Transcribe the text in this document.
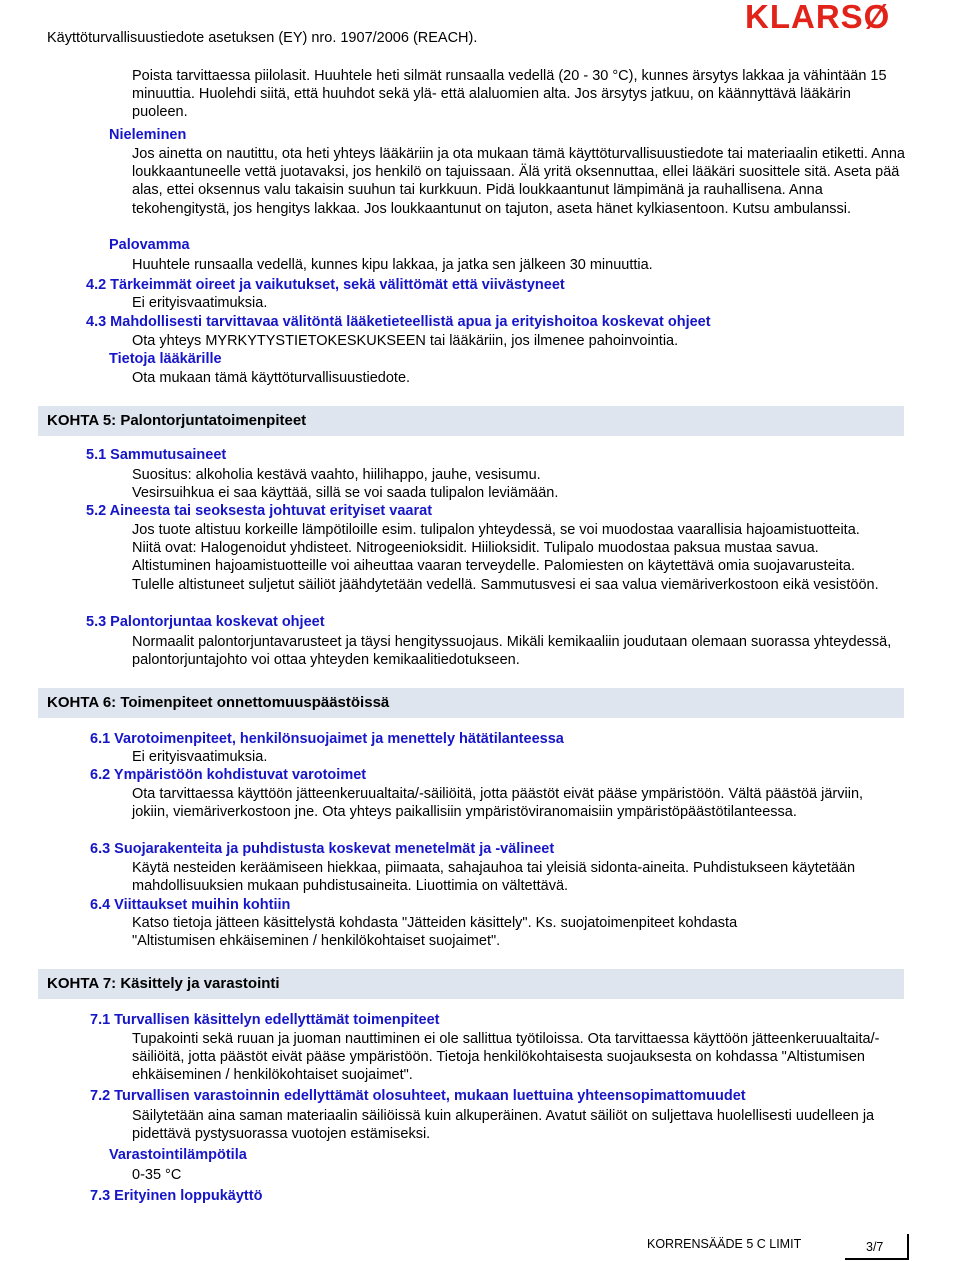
Käyttöturvallisuustiedote asetuksen (EY) nro. 1907/2006 (REACH).
KLARSØ
Poista tarvittaessa piilolasit. Huuhtele heti silmät runsaalla vedellä (20 - 30 °C), kunnes ärsytys lakkaa ja vähintään 15 minuuttia. Huolehdi siitä, että huuhdot sekä ylä- että alaluomien alta. Jos ärsytys jatkuu, on käännyttävä lääkärin puoleen.
Nieleminen
Jos ainetta on nautittu, ota heti yhteys lääkäriin ja ota mukaan tämä käyttöturvallisuustiedote tai materiaalin etiketti. Anna loukkaantuneelle vettä juotavaksi, jos henkilö on tajuissaan. Älä yritä oksennuttaa, ellei lääkäri suosittele sitä. Aseta pää alas, ettei oksennus valu takaisin suuhun tai kurkkuun. Pidä loukkaantunut lämpimänä ja rauhallisena. Anna tekohengitystä, jos hengitys lakkaa. Jos loukkaantunut on tajuton, aseta hänet kylkiasentoon. Kutsu ambulanssi.
Palovamma
Huuhtele runsaalla vedellä, kunnes kipu lakkaa, ja jatka sen jälkeen 30 minuuttia.
4.2 Tärkeimmät oireet ja vaikutukset, sekä välittömät että viivästyneet
Ei erityisvaatimuksia.
4.3 Mahdollisesti tarvittavaa välitöntä lääketieteellistä apua ja erityishoitoa koskevat ohjeet
Ota yhteys MYRKYTYSTIETOKESKUKSEEN tai lääkäriin, jos ilmenee pahoinvointia.
Tietoja lääkärille
Ota mukaan tämä käyttöturvallisuustiedote.
KOHTA 5: Palontorjuntatoimenpiteet
5.1 Sammutusaineet
Suositus: alkoholia kestävä vaahto, hiilihappo, jauhe, vesisumu.
Vesirsuihkua ei saa käyttää, sillä se voi saada tulipalon leviämään.
5.2 Aineesta tai seoksesta johtuvat erityiset vaarat
Jos tuote altistuu korkeille lämpötiloille esim. tulipalon yhteydessä, se voi muodostaa vaarallisia hajoamistuotteita. Niitä ovat: Halogenoidut yhdisteet. Nitrogeenioksidit. Hiilioksidit. Tulipalo muodostaa paksua mustaa savua. Altistuminen hajoamistuotteille voi aiheuttaa vaaran terveydelle. Palomiesten on käytettävä omia suojavarusteita. Tulelle altistuneet suljetut säiliöt jäähdytetään vedellä. Sammutusvesi ei saa valua viemäriverkostoon eikä vesistöön.
5.3 Palontorjuntaa koskevat ohjeet
Normaalit palontorjuntavarusteet ja täysi hengityssuojaus. Mikäli kemikaaliin joudutaan olemaan suorassa yhteydessä, palontorjuntajohto voi ottaa yhteyden kemikaalitiedotukseen.
KOHTA 6: Toimenpiteet onnettomuuspäästöissä
6.1 Varotoimenpiteet, henkilönsuojaimet ja menettely hätätilanteessa
Ei erityisvaatimuksia.
6.2 Ympäristöön kohdistuvat varotoimet
Ota tarvittaessa käyttöön jätteenkeruualtaita/-säiliöitä, jotta päästöt eivät pääse ympäristöön. Vältä päästöä järviin, jokiin, viemäriverkostoon jne. Ota yhteys paikallisiin ympäristöviranomaisiin ympäristöpäästötilanteessa.
6.3 Suojarakenteita ja puhdistusta koskevat menetelmät ja -välineet
Käytä nesteiden keräämiseen hiekkaa, piimaata, sahajauhoa tai yleisiä sidonta-aineita. Puhdistukseen käytetään mahdollisuuksien mukaan puhdistusaineita. Liuottimia on vältettävä.
6.4 Viittaukset muihin kohtiin
Katso tietoja jätteen käsittelystä kohdasta "Jätteiden käsittely". Ks. suojatoimenpiteet kohdasta "Altistumisen ehkäiseminen / henkilökohtaiset suojaimet".
KOHTA 7: Käsittely ja varastointi
7.1 Turvallisen käsittelyn edellyttämät toimenpiteet
Tupakointi sekä ruuan ja juoman nauttiminen ei ole sallittua työtiloissa. Ota tarvittaessa käyttöön jätteenkeruualtaita/-säiliöitä, jotta päästöt eivät pääse ympäristöön. Tietoja henkilökohtaisesta suojauksesta on kohdassa "Altistumisen ehkäiseminen / henkilökohtaiset suojaimet".
7.2 Turvallisen varastoinnin edellyttämät olosuhteet, mukaan luettuina yhteensopimattomuudet
Säilytetään aina saman materiaalin säiliöissä kuin alkuperäinen. Avatut säiliöt on suljettava huolellisesti uudelleen ja pidettävä pystysuorassa vuotojen estämiseksi.
Varastointilämpötila
0-35 °C
7.3 Erityinen loppukäyttö
KORRENSÄÄDE 5 C LIMIT	3/7
